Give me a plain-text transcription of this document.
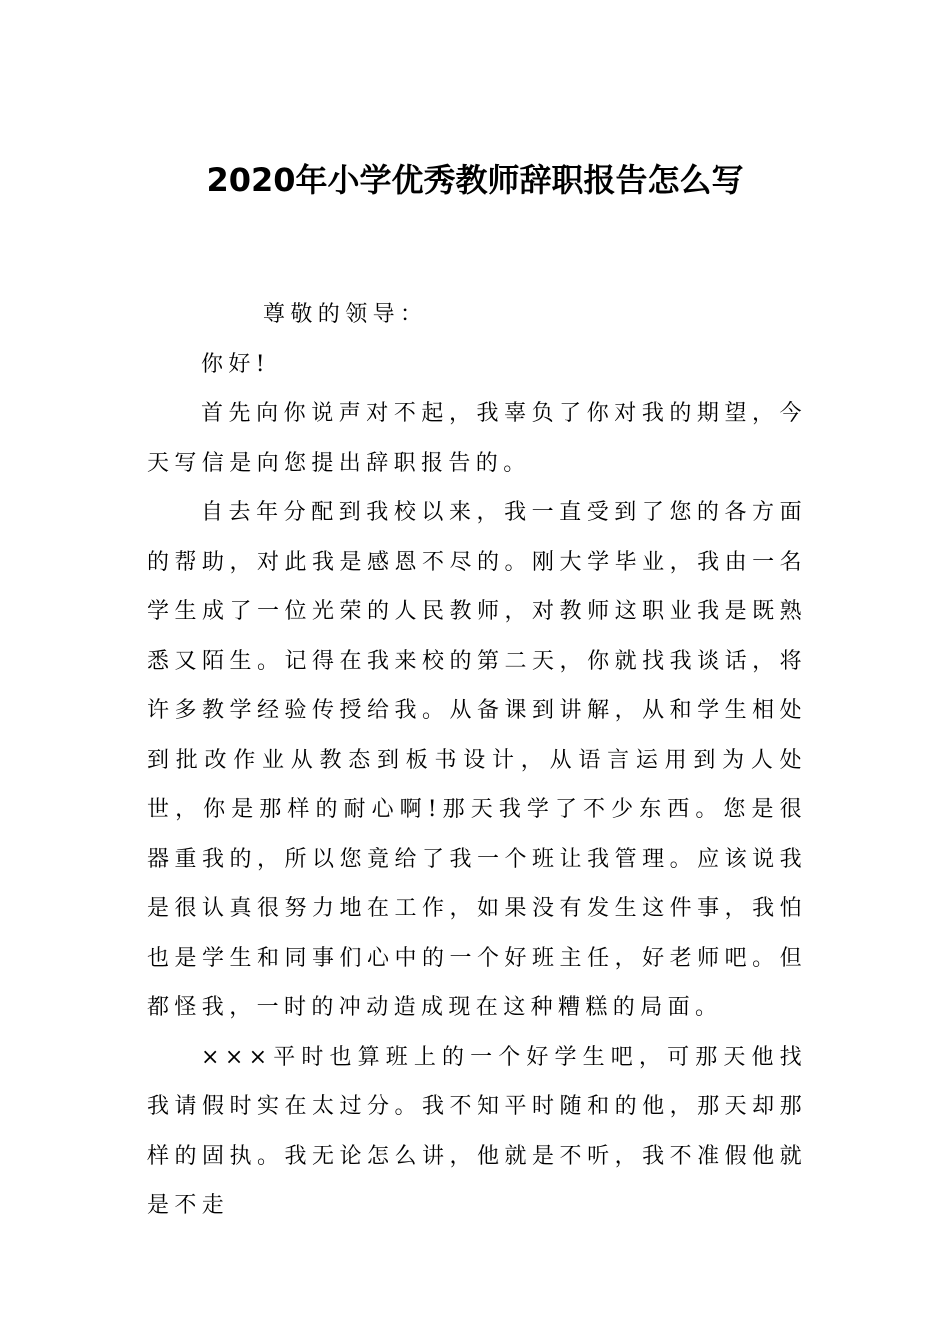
2020年小学优秀教师辞职报告怎么写

尊敬的领导：

你好!

首先向你说声对不起，我辜负了你对我的期望，今天写信是向您提出辞职报告的。

自去年分配到我校以来，我一直受到了您的各方面的帮助，对此我是感恩不尽的。刚大学毕业，我由一名学生成了一位光荣的人民教师，对教师这职业我是既熟悉又陌生。记得在我来校的第二天，你就找我谈话，将许多教学经验传授给我。从备课到讲解，从和学生相处到批改作业从教态到板书设计，从语言运用到为人处世，你是那样的耐心啊!那天我学了不少东西。您是很器重我的，所以您竟给了我一个班让我管理。应该说我是很认真很努力地在工作，如果没有发生这件事，我怕也是学生和同事们心中的一个好班主任，好老师吧。但都怪我，一时的冲动造成现在这种糟糕的局面。

×××平时也算班上的一个好学生吧，可那天他找我请假时实在太过分。我不知平时随和的他，那天却那样的固执。我无论怎么讲，他就是不听，我不准假他就是不走
